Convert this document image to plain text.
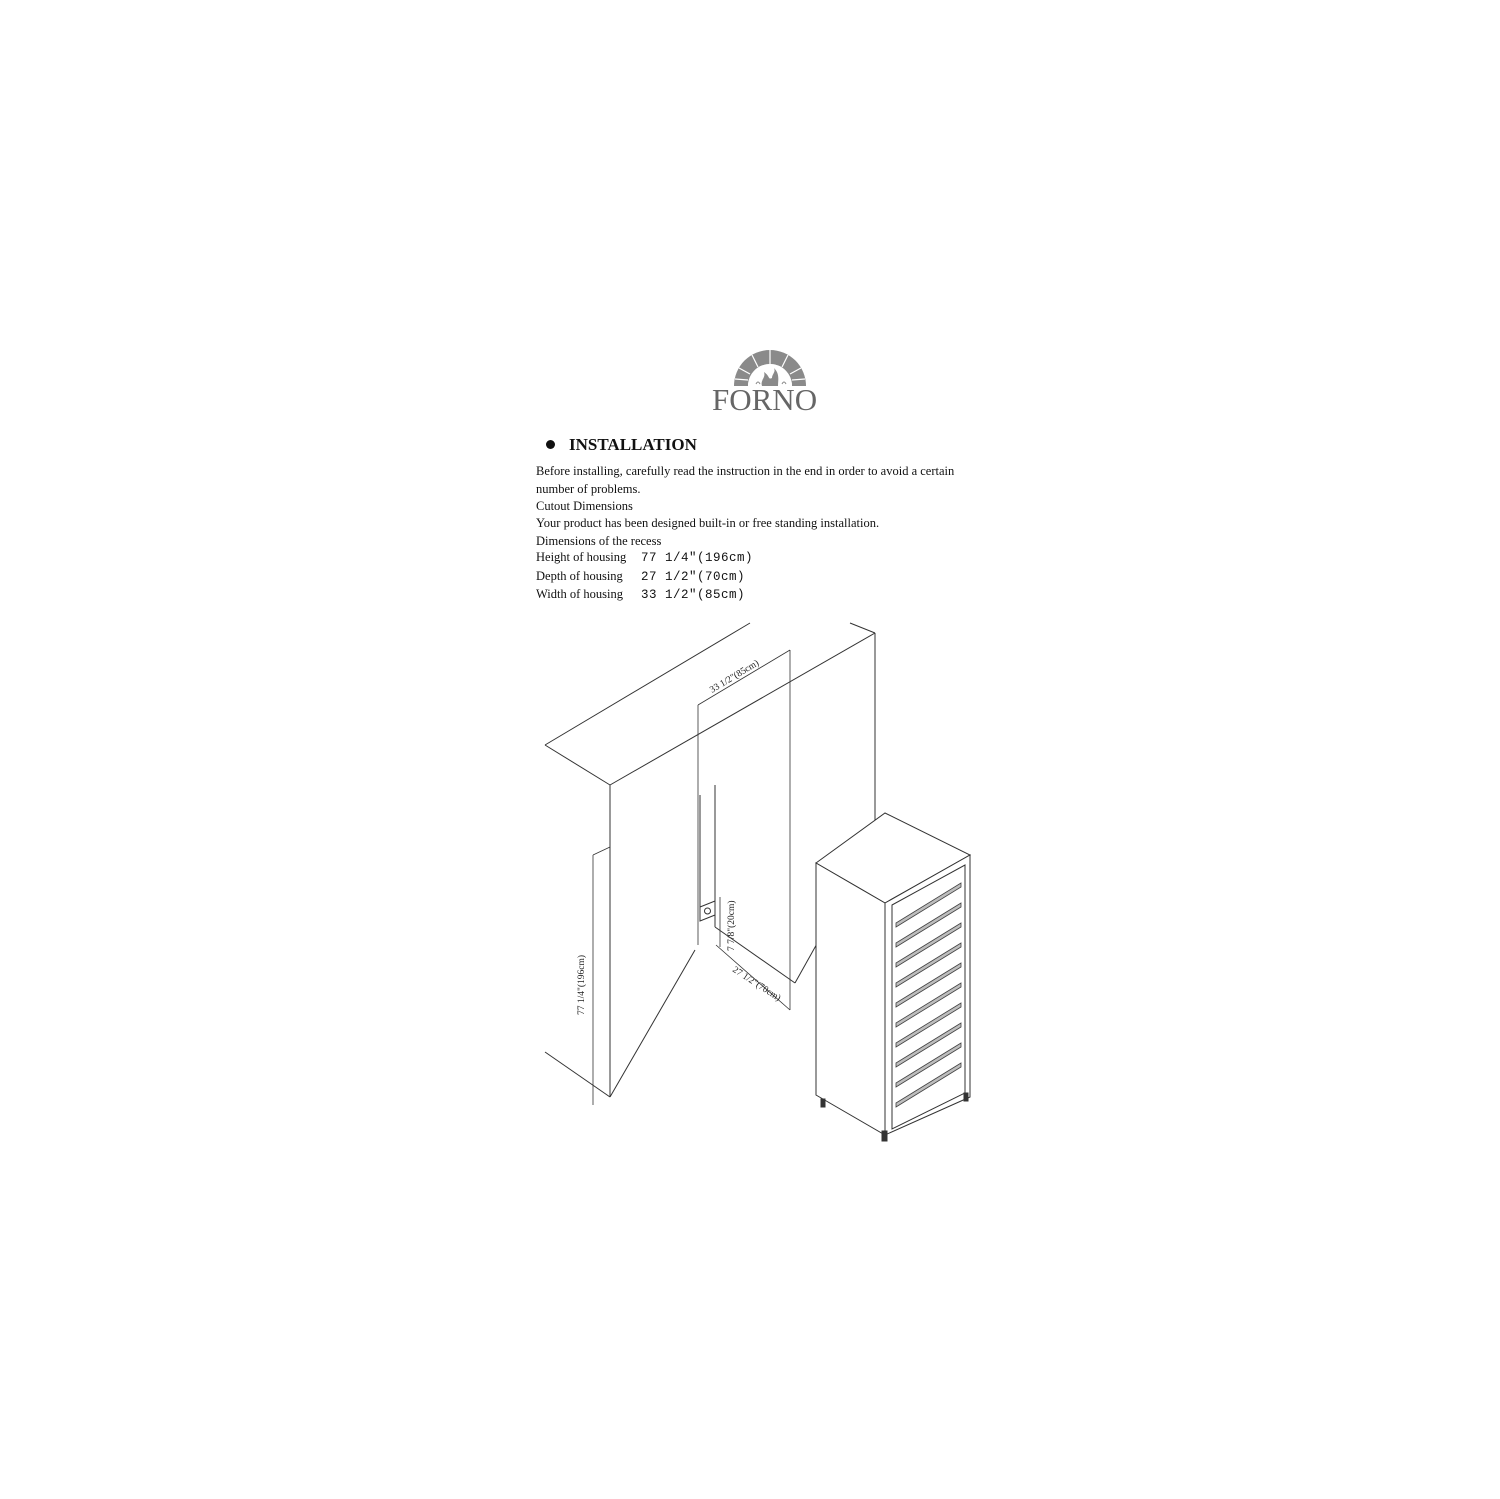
FORNO
INSTALLATION
Before installing, carefully read the instruction in the end in order to avoid a certain number of problems.
Cutout Dimensions
Your product has been designed built-in or free standing installation.
Dimensions of the recess
Height of housing 77 1/4"(196cm)
Depth of housing 27 1/2"(70cm)
Width of housing 33 1/2"(85cm)
33 1/2"(85cm)
77 1/4"(196cm)
7 7/8"(20cm)
27 1/2"(70cm)
